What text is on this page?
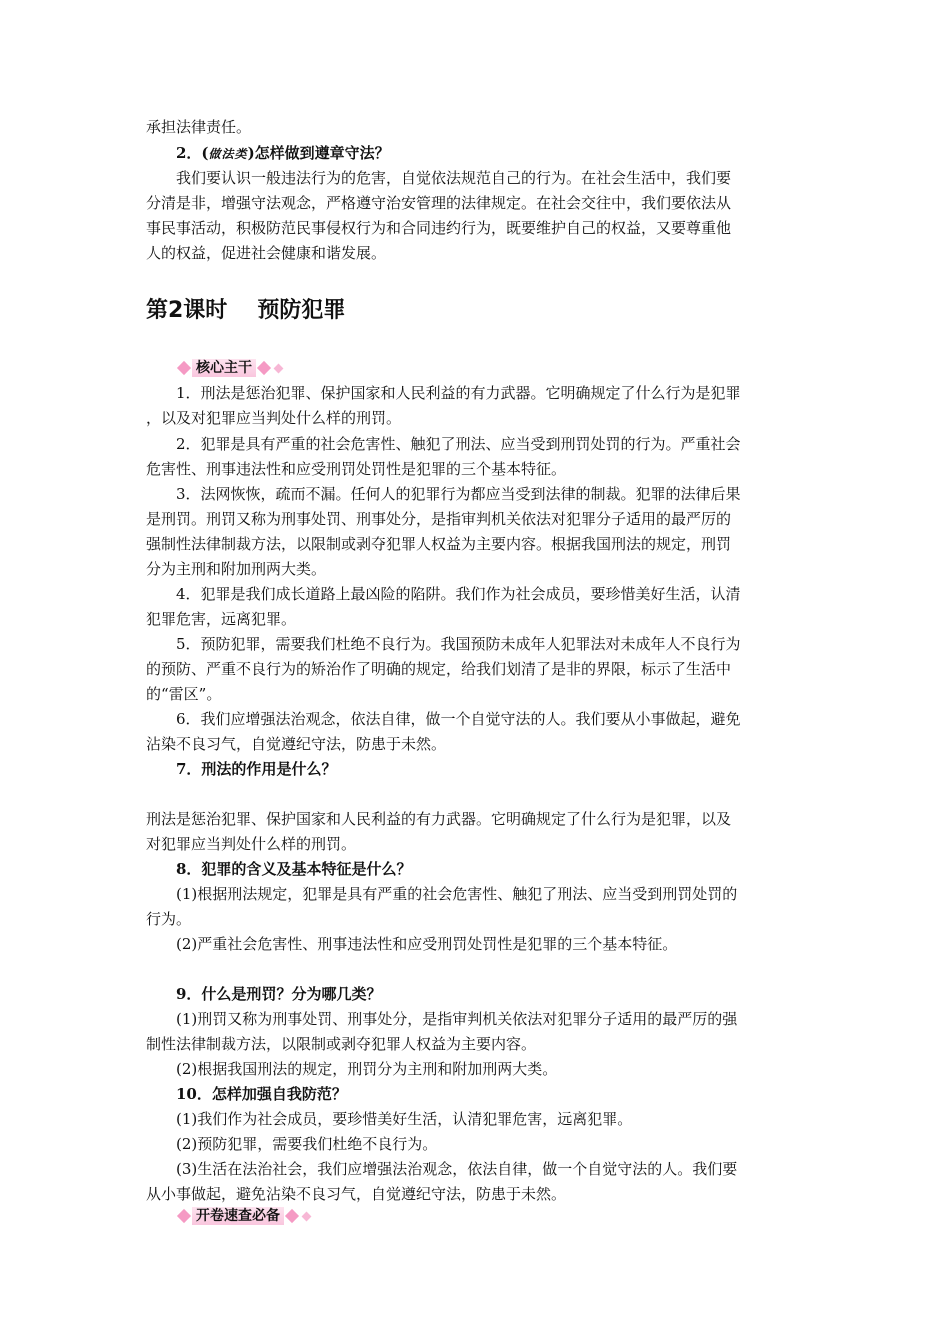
承担法律责任。
2．(做法类)怎样做到遵章守法？
我们要认识一般违法行为的危害，自觉依法规范自己的行为。在社会生活中，我们要
分清是非，增强守法观念，严格遵守治安管理的法律规定。在社会交往中，我们要依法从
事民事活动，积极防范民事侵权行为和合同违约行为，既要维护自己的权益，又要尊重他
人的权益，促进社会健康和谐发展。
第2课时 预防犯罪
核心主干
1．刑法是惩治犯罪、保护国家和人民利益的有力武器。它明确规定了什么行为是犯罪
，以及对犯罪应当判处什么样的刑罚。
2．犯罪是具有严重的社会危害性、触犯了刑法、应当受到刑罚处罚的行为。严重社会
危害性、刑事违法性和应受刑罚处罚性是犯罪的三个基本特征。
3．法网恢恢，疏而不漏。任何人的犯罪行为都应当受到法律的制裁。犯罪的法律后果
是刑罚。刑罚又称为刑事处罚、刑事处分，是指审判机关依法对犯罪分子适用的最严厉的
强制性法律制裁方法，以限制或剥夺犯罪人权益为主要内容。根据我国刑法的规定，刑罚
分为主刑和附加刑两大类。
4．犯罪是我们成长道路上最凶险的陷阱。我们作为社会成员，要珍惜美好生活，认清
犯罪危害，远离犯罪。
5．预防犯罪，需要我们杜绝不良行为。我国预防未成年人犯罪法对未成年人不良行为
的预防、严重不良行为的矫治作了明确的规定，给我们划清了是非的界限，标示了生活中
的“雷区”。
6．我们应增强法治观念，依法自律，做一个自觉守法的人。我们要从小事做起，避免
沾染不良习气，自觉遵纪守法，防患于未然。
7．刑法的作用是什么？
刑法是惩治犯罪、保护国家和人民利益的有力武器。它明确规定了什么行为是犯罪，以及
对犯罪应当判处什么样的刑罚。
8．犯罪的含义及基本特征是什么？
(1)根据刑法规定，犯罪是具有严重的社会危害性、触犯了刑法、应当受到刑罚处罚的
行为。
(2)严重社会危害性、刑事违法性和应受刑罚处罚性是犯罪的三个基本特征。
9．什么是刑罚？分为哪几类？
(1)刑罚又称为刑事处罚、刑事处分，是指审判机关依法对犯罪分子适用的最严厉的强
制性法律制裁方法，以限制或剥夺犯罪人权益为主要内容。
(2)根据我国刑法的规定，刑罚分为主刑和附加刑两大类。
10．怎样加强自我防范？
(1)我们作为社会成员，要珍惜美好生活，认清犯罪危害，远离犯罪。
(2)预防犯罪，需要我们杜绝不良行为。
(3)生活在法治社会，我们应增强法治观念，依法自律，做一个自觉守法的人。我们要
从小事做起，避免沾染不良习气，自觉遵纪守法，防患于未然。
开卷速查必备
